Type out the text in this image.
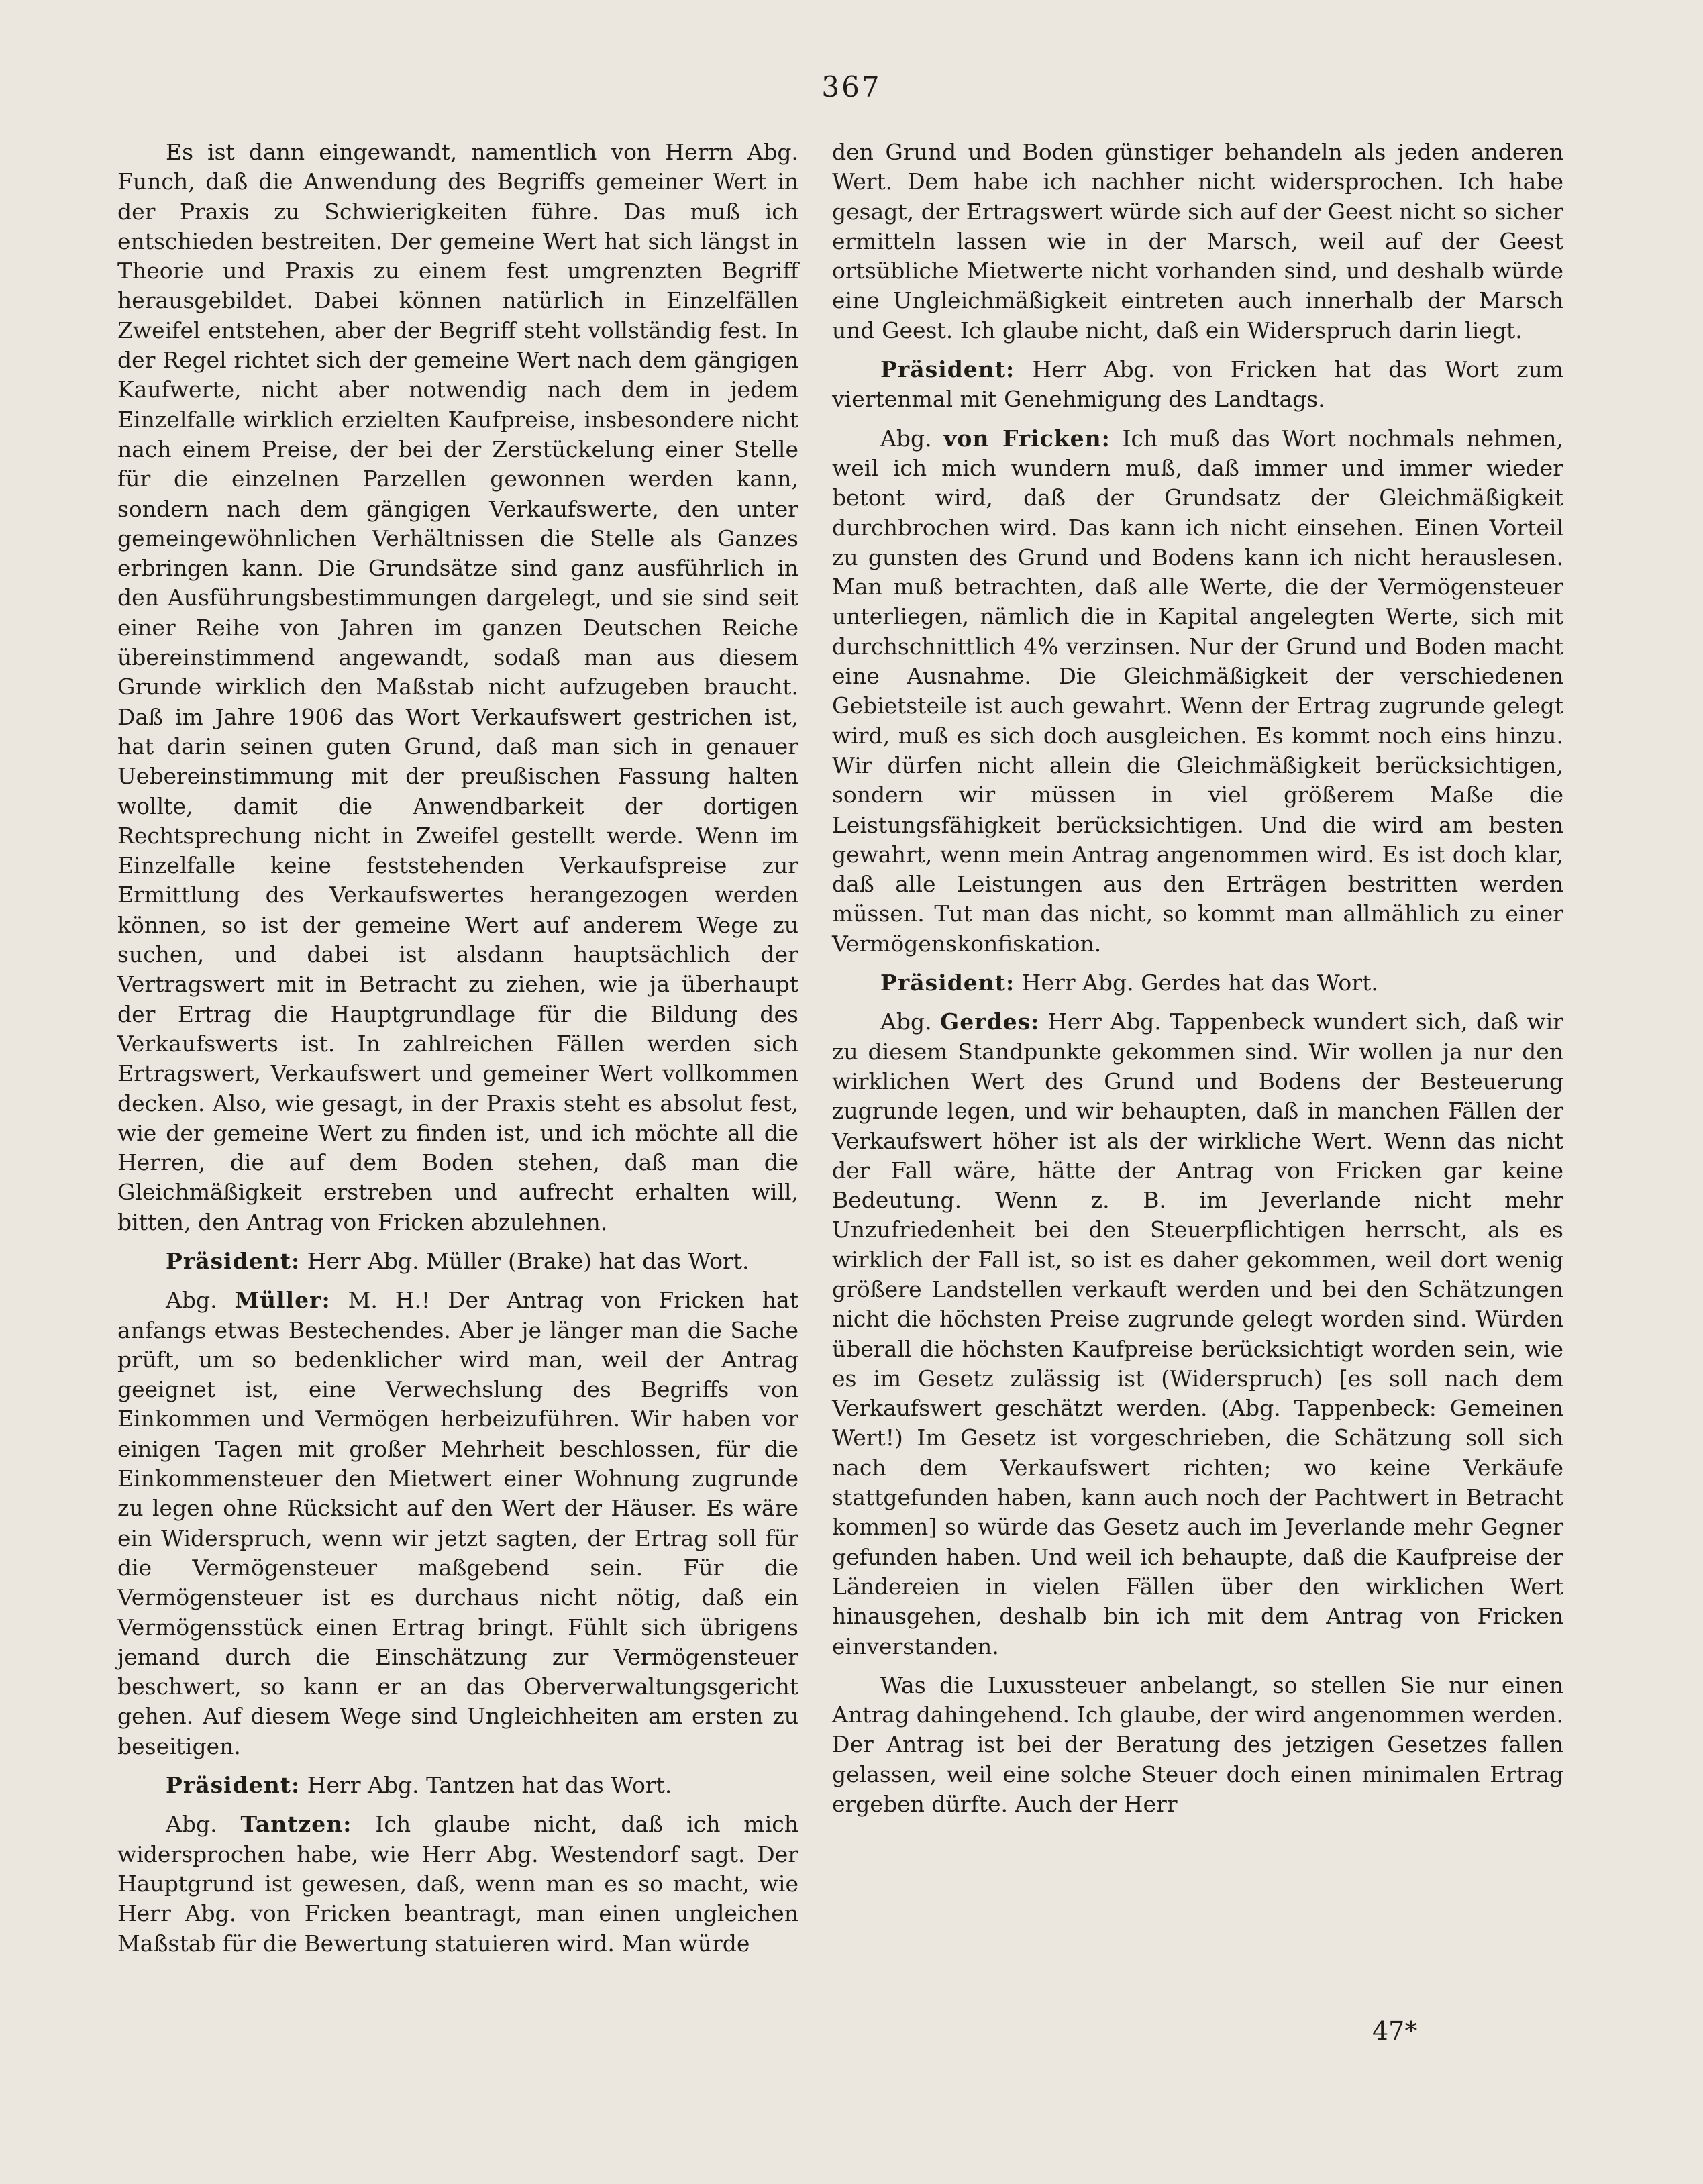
367

Es ist dann eingewandt, namentlich von Herrn Abg. Funch, daß die Anwendung des Begriffs gemeiner Wert in der Praxis zu Schwierigkeiten führe. Das muß ich entschieden bestreiten. Der gemeine Wert hat sich längst in Theorie und Praxis zu einem fest umgrenzten Begriff herausgebildet. Dabei können natürlich in Einzelfällen Zweifel entstehen, aber der Begriff steht vollständig fest. In der Regel richtet sich der gemeine Wert nach dem gängigen Kaufwerte, nicht aber notwendig nach dem in jedem Einzelfalle wirklich erzielten Kaufpreise, insbesondere nicht nach einem Preise, der bei der Zerstückelung einer Stelle für die einzelnen Parzellen gewonnen werden kann, sondern nach dem gängigen Verkaufswerte, den unter gemeingewöhnlichen Verhältnissen die Stelle als Ganzes erbringen kann. Die Grundsätze sind ganz ausführlich in den Ausführungsbestimmungen dargelegt, und sie sind seit einer Reihe von Jahren im ganzen Deutschen Reiche übereinstimmend angewandt, sodaß man aus diesem Grunde wirklich den Maßstab nicht aufzugeben braucht. Daß im Jahre 1906 das Wort Verkaufswert gestrichen ist, hat darin seinen guten Grund, daß man sich in genauer Uebereinstimmung mit der preußischen Fassung halten wollte, damit die Anwendbarkeit der dortigen Rechtsprechung nicht in Zweifel gestellt werde. Wenn im Einzelfalle keine feststehenden Verkaufspreise zur Ermittlung des Verkaufswertes herangezogen werden können, so ist der gemeine Wert auf anderem Wege zu suchen, und dabei ist alsdann hauptsächlich der Vertragswert mit in Betracht zu ziehen, wie ja überhaupt der Ertrag die Hauptgrundlage für die Bildung des Verkaufswerts ist. In zahlreichen Fällen werden sich Ertragswert, Verkaufswert und gemeiner Wert vollkommen decken. Also, wie gesagt, in der Praxis steht es absolut fest, wie der gemeine Wert zu finden ist, und ich möchte all die Herren, die auf dem Boden stehen, daß man die Gleichmäßigkeit erstreben und aufrecht erhalten will, bitten, den Antrag von Fricken abzulehnen.

Präsident: Herr Abg. Müller (Brake) hat das Wort.

Abg. Müller: M. H.! Der Antrag von Fricken hat anfangs etwas Bestechendes. Aber je länger man die Sache prüft, um so bedenklicher wird man, weil der Antrag geeignet ist, eine Verwechslung des Begriffs von Einkommen und Vermögen herbeizuführen. Wir haben vor einigen Tagen mit großer Mehrheit beschlossen, für die Einkommensteuer den Mietwert einer Wohnung zugrunde zu legen ohne Rücksicht auf den Wert der Häuser. Es wäre ein Widerspruch, wenn wir jetzt sagten, der Ertrag soll für die Vermögensteuer maßgebend sein. Für die Vermögensteuer ist es durchaus nicht nötig, daß ein Vermögensstück einen Ertrag bringt. Fühlt sich übrigens jemand durch die Einschätzung zur Vermögensteuer beschwert, so kann er an das Oberverwaltungsgericht gehen. Auf diesem Wege sind Ungleichheiten am ersten zu beseitigen.

Präsident: Herr Abg. Tantzen hat das Wort.

Abg. Tantzen: Ich glaube nicht, daß ich mich widersprochen habe, wie Herr Abg. Westendorf sagt. Der Hauptgrund ist gewesen, daß, wenn man es so macht, wie Herr Abg. von Fricken beantragt, man einen ungleichen Maßstab für die Bewertung statuieren wird. Man würde

den Grund und Boden günstiger behandeln als jeden anderen Wert. Dem habe ich nachher nicht widersprochen. Ich habe gesagt, der Ertragswert würde sich auf der Geest nicht so sicher ermitteln lassen wie in der Marsch, weil auf der Geest ortsübliche Mietwerte nicht vorhanden sind, und deshalb würde eine Ungleichmäßigkeit eintreten auch innerhalb der Marsch und Geest. Ich glaube nicht, daß ein Widerspruch darin liegt.

Präsident: Herr Abg. von Fricken hat das Wort zum viertenmal mit Genehmigung des Landtags.

Abg. von Fricken: Ich muß das Wort nochmals nehmen, weil ich mich wundern muß, daß immer und immer wieder betont wird, daß der Grundsatz der Gleichmäßigkeit durchbrochen wird. Das kann ich nicht einsehen. Einen Vorteil zu gunsten des Grund und Bodens kann ich nicht herauslesen. Man muß betrachten, daß alle Werte, die der Vermögensteuer unterliegen, nämlich die in Kapital angelegten Werte, sich mit durchschnittlich 4% verzinsen. Nur der Grund und Boden macht eine Ausnahme. Die Gleichmäßigkeit der verschiedenen Gebietsteile ist auch gewahrt. Wenn der Ertrag zugrunde gelegt wird, muß es sich doch ausgleichen. Es kommt noch eins hinzu. Wir dürfen nicht allein die Gleichmäßigkeit berücksichtigen, sondern wir müssen in viel größerem Maße die Leistungsfähigkeit berücksichtigen. Und die wird am besten gewahrt, wenn mein Antrag angenommen wird. Es ist doch klar, daß alle Leistungen aus den Erträgen bestritten werden müssen. Tut man das nicht, so kommt man allmählich zu einer Vermögenskonfiskation.

Präsident: Herr Abg. Gerdes hat das Wort.

Abg. Gerdes: Herr Abg. Tappenbeck wundert sich, daß wir zu diesem Standpunkte gekommen sind. Wir wollen ja nur den wirklichen Wert des Grund und Bodens der Besteuerung zugrunde legen, und wir behaupten, daß in manchen Fällen der Verkaufswert höher ist als der wirkliche Wert. Wenn das nicht der Fall wäre, hätte der Antrag von Fricken gar keine Bedeutung. Wenn z. B. im Jeverlande nicht mehr Unzufriedenheit bei den Steuerpflichtigen herrscht, als es wirklich der Fall ist, so ist es daher gekommen, weil dort wenig größere Landstellen verkauft werden und bei den Schätzungen nicht die höchsten Preise zugrunde gelegt worden sind. Würden überall die höchsten Kaufpreise berücksichtigt worden sein, wie es im Gesetz zulässig ist (Widerspruch) [es soll nach dem Verkaufswert geschätzt werden. (Abg. Tappenbeck: Gemeinen Wert!) Im Gesetz ist vorgeschrieben, die Schätzung soll sich nach dem Verkaufswert richten; wo keine Verkäufe stattgefunden haben, kann auch noch der Pachtwert in Betracht kommen] so würde das Gesetz auch im Jeverlande mehr Gegner gefunden haben. Und weil ich behaupte, daß die Kaufpreise der Ländereien in vielen Fällen über den wirklichen Wert hinausgehen, deshalb bin ich mit dem Antrag von Fricken einverstanden.

Was die Luxussteuer anbelangt, so stellen Sie nur einen Antrag dahingehend. Ich glaube, der wird angenommen werden. Der Antrag ist bei der Beratung des jetzigen Gesetzes fallen gelassen, weil eine solche Steuer doch einen minimalen Ertrag ergeben dürfte. Auch der Herr

47*
